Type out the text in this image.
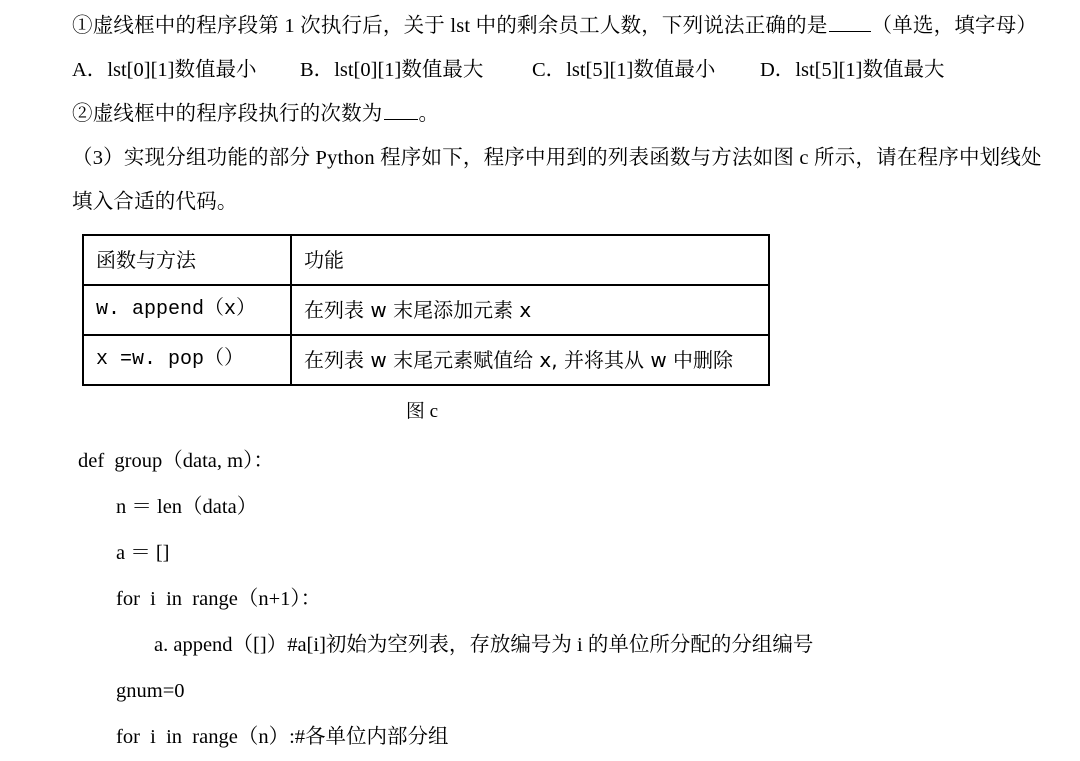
①虚线框中的程序段第 1 次执行后，关于 lst 中的剩余员工人数，下列说法正确的是 （单选，填字母）
A．lst[0][1]数值最小	B．lst[0][1]数值最大	C．lst[5][1]数值最小	D．lst[5][1]数值最大
②虚线框中的程序段执行的次数为 。
（3）实现分组功能的部分 Python 程序如下，程序中用到的列表函数与方法如图 c 所示，请在程序中划线处
填入合适的代码。
函数与方法	功能
w. append（x）	在列表 w 末尾添加元素 x
x =w. pop（）	在列表 w 末尾元素赋值给 x, 并将其从 w 中删除
图 c
def  group（data, m）：
n ＝ len（data）
a ＝ []
for  i  in  range（n+1）：
a. append（[]）#a[i]初始为空列表，存放编号为 i 的单位所分配的分组编号
gnum=0
for  i  in  range（n）:#各单位内部分组
